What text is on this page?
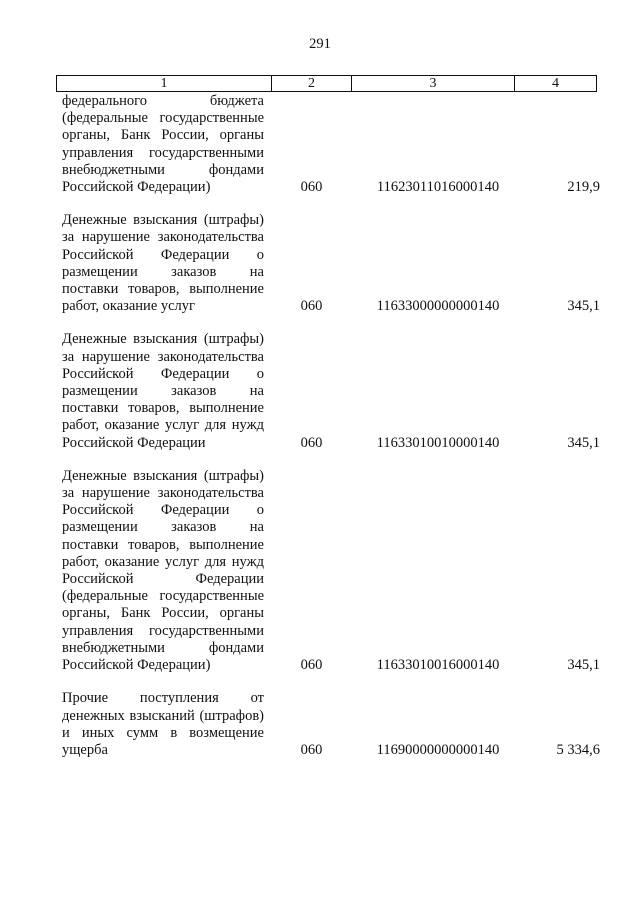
291
1	2	3	4
федерального бюджета (федеральные государственные органы, Банк России, органы управления государственными внебюджетными фондами Российской Федерации)	060	11623011016000140	219,9
Денежные взыскания (штрафы) за нарушение законодательства Российской Федерации о размещении заказов на поставки товаров, выполнение работ, оказание услуг	060	11633000000000140	345,1
Денежные взыскания (штрафы) за нарушение законодательства Российской Федерации о размещении заказов на поставки товаров, выполнение работ, оказание услуг для нужд Российской Федерации	060	11633010010000140	345,1
Денежные взыскания (штрафы) за нарушение законодательства Российской Федерации о размещении заказов на поставки товаров, выполнение работ, оказание услуг для нужд Российской Федерации (федеральные государственные органы, Банк России, органы управления государственными внебюджетными фондами Российской Федерации)	060	11633010016000140	345,1
Прочие поступления от денежных взысканий (штрафов) и иных сумм в возмещение ущерба	060	11690000000000140	5 334,6
